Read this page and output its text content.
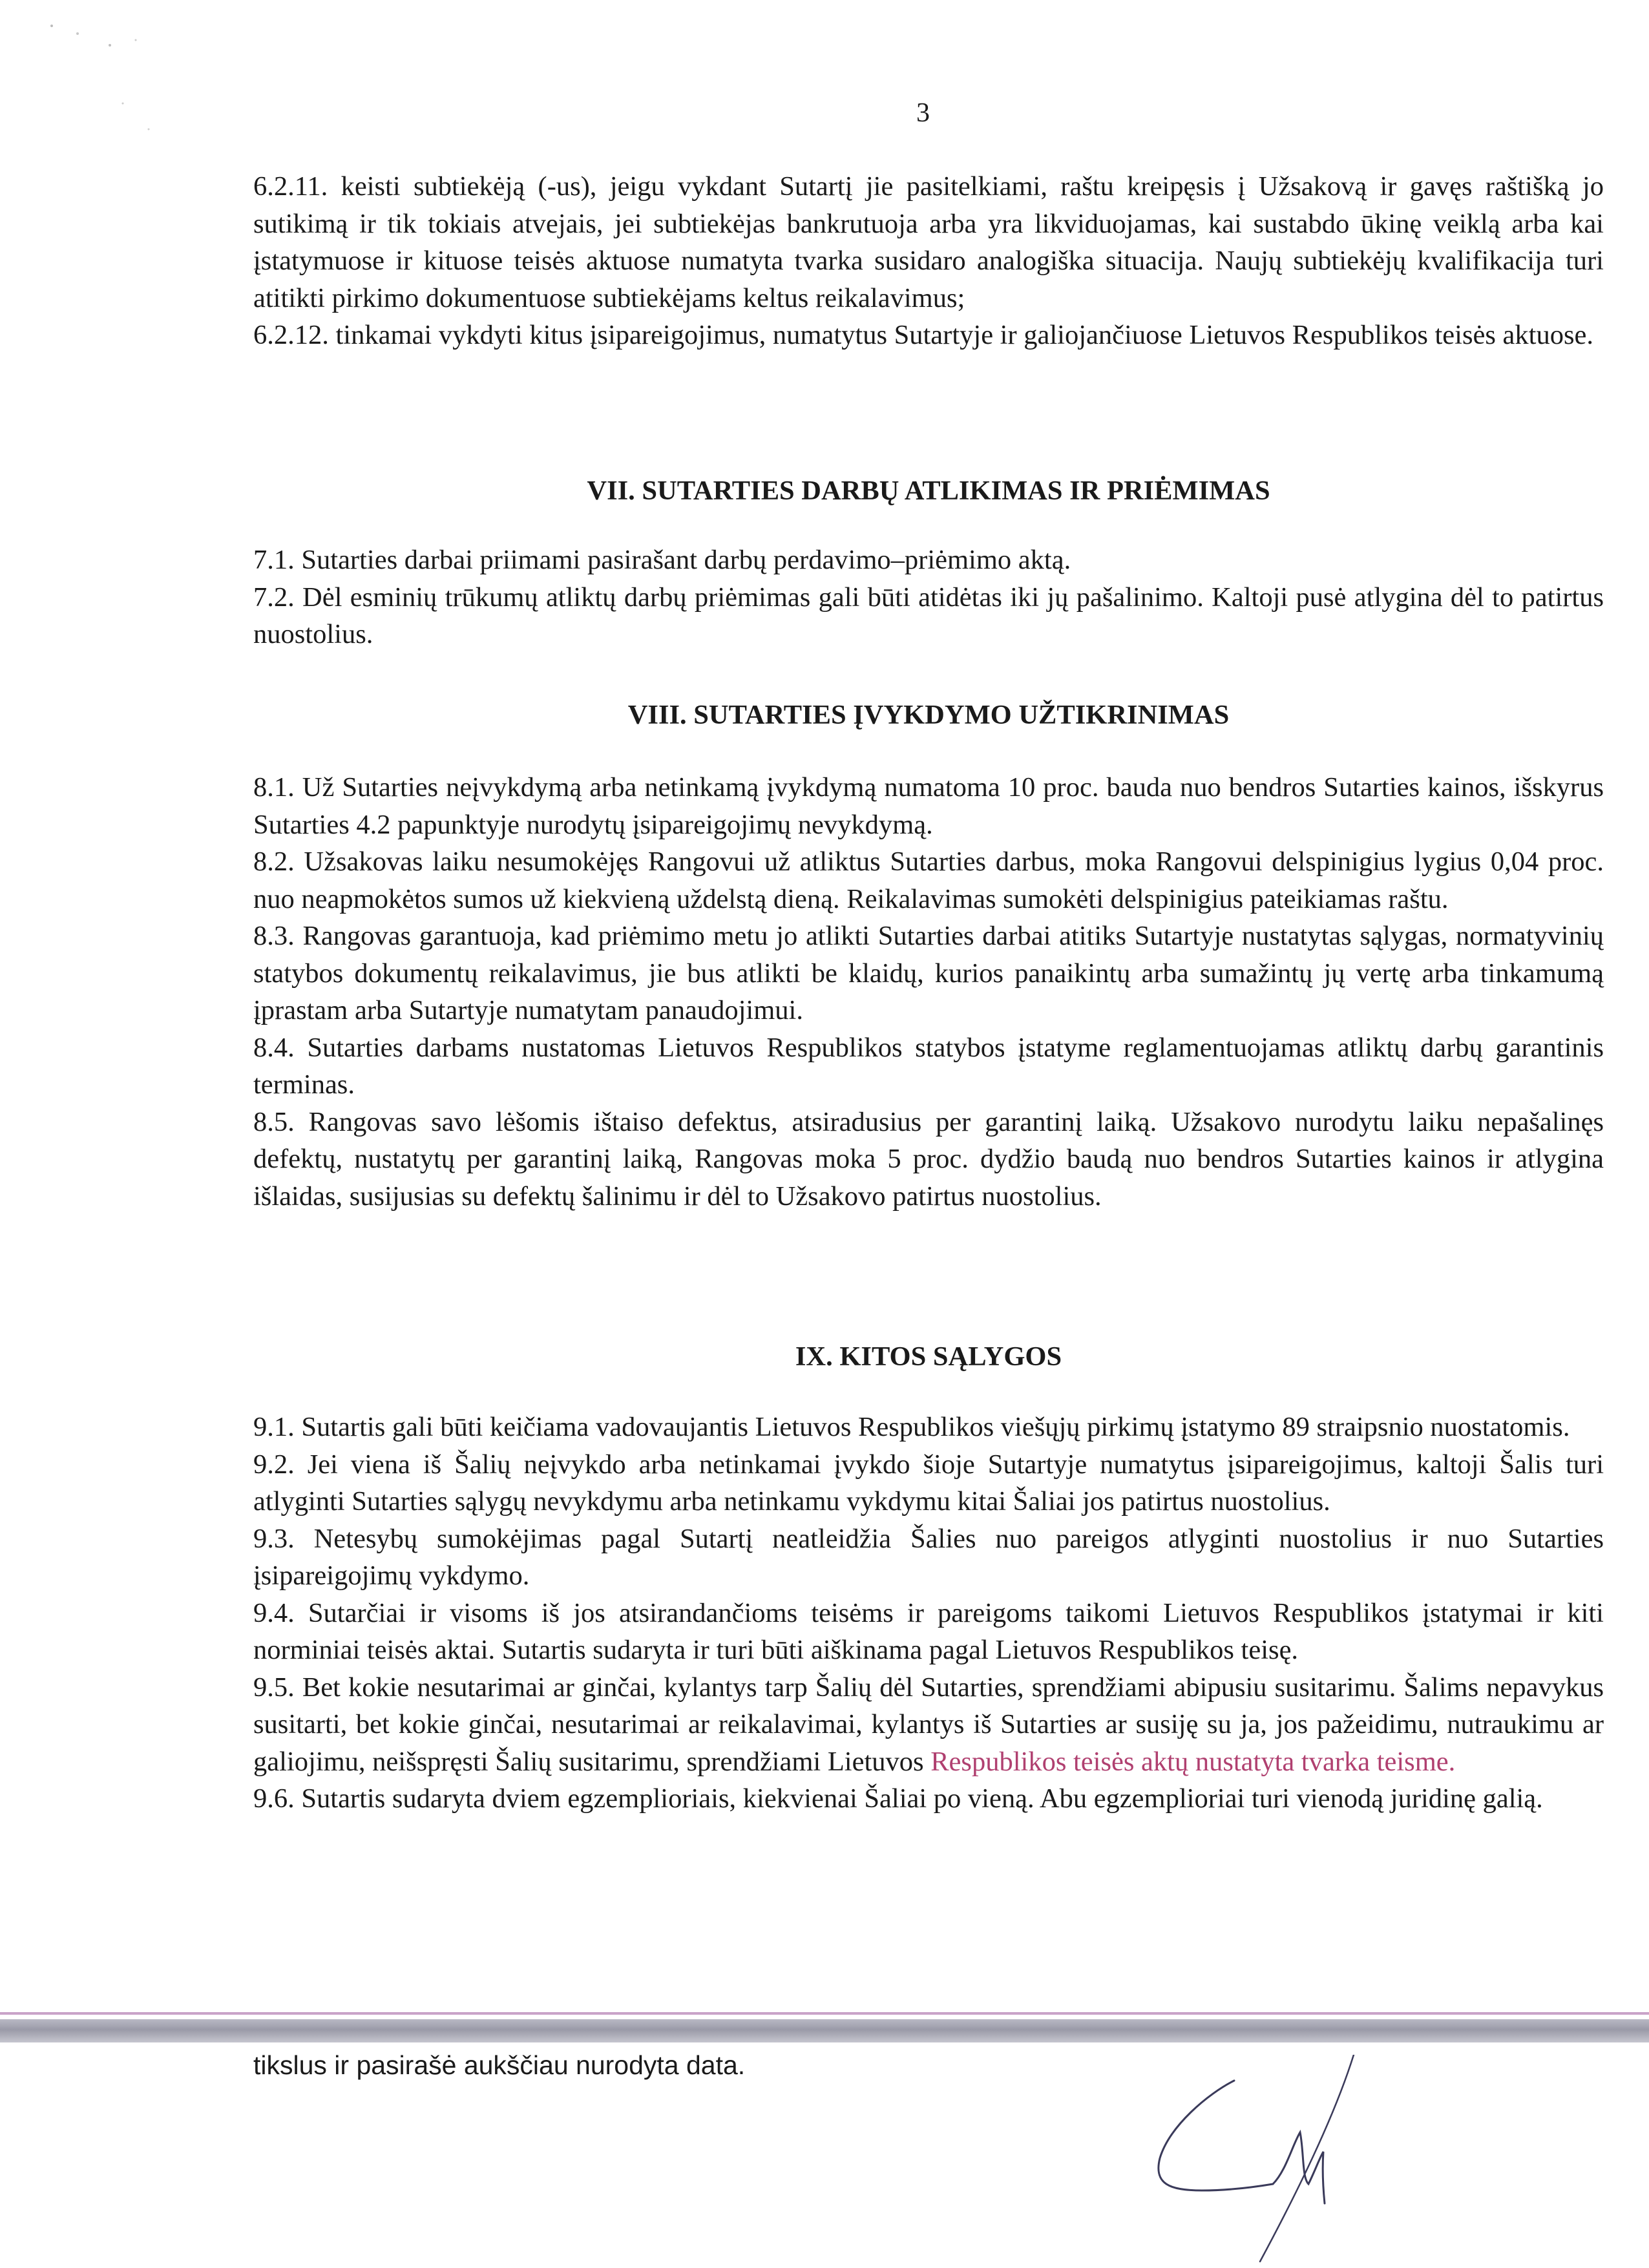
3

6.2.11. keisti subtiekėją (-us), jeigu vykdant Sutartį jie pasitelkiami, raštu kreipęsis į Užsakovą ir gavęs raštišką jo sutikimą ir tik tokiais atvejais, jei subtiekėjas bankrutuoja arba yra likviduojamas, kai sustabdo ūkinę veiklą arba kai įstatymuose ir kituose teisės aktuose numatyta tvarka susidaro analogiška situacija. Naujų subtiekėjų kvalifikacija turi atitikti pirkimo dokumentuose subtiekėjams keltus reikalavimus;

6.2.12. tinkamai vykdyti kitus įsipareigojimus, numatytus Sutartyje ir galiojančiuose Lietuvos Respublikos teisės aktuose.

VII. SUTARTIES DARBŲ ATLIKIMAS IR PRIĖMIMAS

7.1. Sutarties darbai priimami pasirašant darbų perdavimo–priėmimo aktą.

7.2. Dėl esminių trūkumų atliktų darbų priėmimas gali būti atidėtas iki jų pašalinimo. Kaltoji pusė atlygina dėl to patirtus nuostolius.

VIII. SUTARTIES ĮVYKDYMO UŽTIKRINIMAS

8.1. Už Sutarties neįvykdymą arba netinkamą įvykdymą numatoma 10 proc. bauda nuo bendros Sutarties kainos, išskyrus Sutarties 4.2 papunktyje nurodytų įsipareigojimų nevykdymą.

8.2. Užsakovas laiku nesumokėjęs Rangovui už atliktus Sutarties darbus, moka Rangovui delspinigius lygius 0,04 proc. nuo neapmokėtos sumos už kiekvieną uždelstą dieną. Reikalavimas sumokėti delspinigius pateikiamas raštu.

8.3. Rangovas garantuoja, kad priėmimo metu jo atlikti Sutarties darbai atitiks Sutartyje nustatytas sąlygas, normatyvinių statybos dokumentų reikalavimus, jie bus atlikti be klaidų, kurios panaikintų arba sumažintų jų vertę arba tinkamumą įprastam arba Sutartyje numatytam panaudojimui.

8.4. Sutarties darbams nustatomas Lietuvos Respublikos statybos įstatyme reglamentuojamas atliktų darbų garantinis terminas.

8.5. Rangovas savo lėšomis ištaiso defektus, atsiradusius per garantinį laiką. Užsakovo nurodytu laiku nepašalinęs defektų, nustatytų per garantinį laiką, Rangovas moka 5 proc. dydžio baudą nuo bendros Sutarties kainos ir atlygina išlaidas, susijusias su defektų šalinimu ir dėl to Užsakovo patirtus nuostolius.

IX. KITOS SĄLYGOS

9.1. Sutartis gali būti keičiama vadovaujantis Lietuvos Respublikos viešųjų pirkimų įstatymo 89 straipsnio nuostatomis.

9.2. Jei viena iš Šalių neįvykdo arba netinkamai įvykdo šioje Sutartyje numatytus įsipareigojimus, kaltoji Šalis turi atlyginti Sutarties sąlygų nevykdymu arba netinkamu vykdymu kitai Šaliai jos patirtus nuostolius.

9.3. Netesybų sumokėjimas pagal Sutartį neatleidžia Šalies nuo pareigos atlyginti nuostolius ir nuo Sutarties įsipareigojimų vykdymo.

9.4. Sutarčiai ir visoms iš jos atsirandančioms teisėms ir pareigoms taikomi Lietuvos Respublikos įstatymai ir kiti norminiai teisės aktai. Sutartis sudaryta ir turi būti aiškinama pagal Lietuvos Respublikos teisę.

9.5. Bet kokie nesutarimai ar ginčai, kylantys tarp Šalių dėl Sutarties, sprendžiami abipusiu susitarimu. Šalims nepavykus susitarti, bet kokie ginčai, nesutarimai ar reikalavimai, kylantys iš Sutarties ar susiję su ja, jos pažeidimu, nutraukimu ar galiojimu, neišspręsti Šalių susitarimu, sprendžiami Lietuvos Respublikos teisės aktų nustatyta tvarka teisme.

9.6. Sutartis sudaryta dviem egzemplioriais, kiekvienai Šaliai po vieną. Abu egzemplioriai turi vienodą juridinę galią.

tikslus ir pasirašė aukščiau nurodyta data.
